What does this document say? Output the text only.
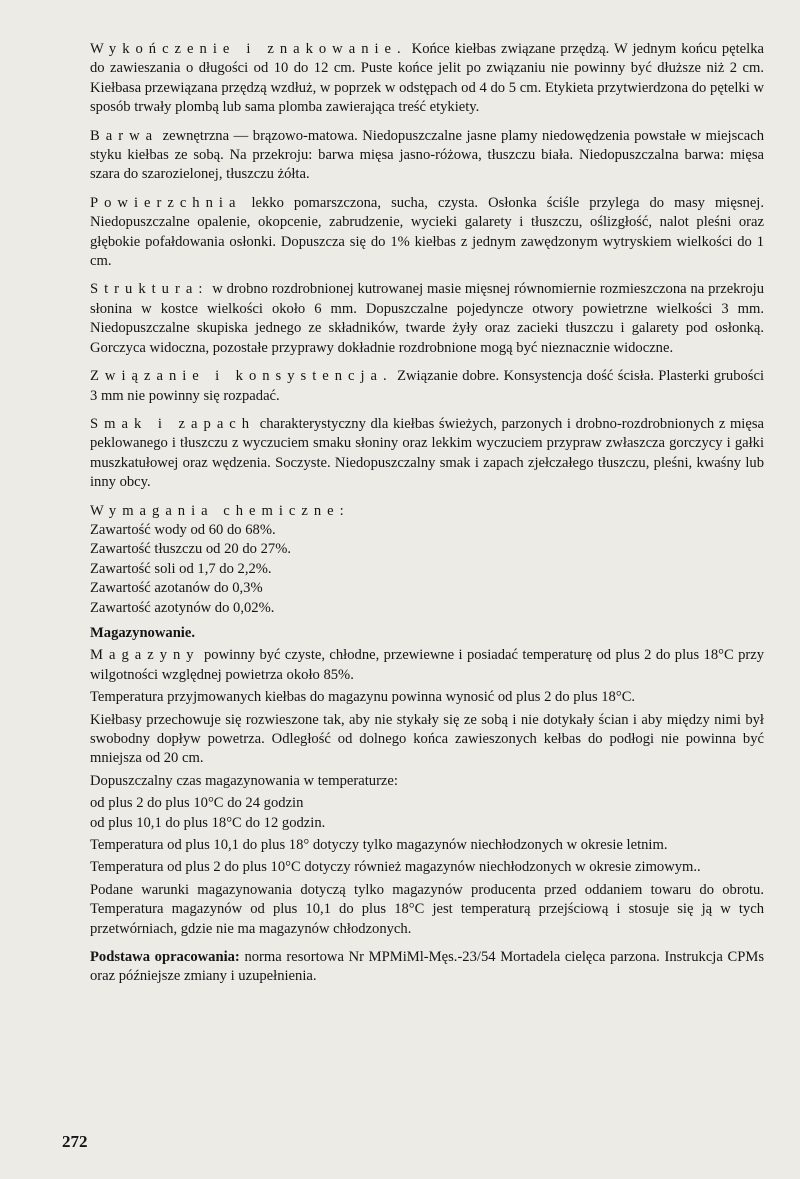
Wykończenie i znakowanie. Końce kiełbas związane przędzą. W jednym końcu pętelka do zawieszania o długości od 10 do 12 cm. Puste końce jelit po związaniu nie powinny być dłuższe niż 2 cm. Kiełbasa przewiązana przędzą wzdłuż, w poprzek w odstępach od 4 do 5 cm. Etykieta przytwierdzona do pętelki w sposób trwały plombą lub sama plomba zawierająca treść etykiety.

Barwa zewnętrzna — brązowo-matowa. Niedopuszczalne jasne plamy niedowędzenia powstałe w miejscach styku kiełbas ze sobą. Na przekroju: barwa mięsa jasno-różowa, tłuszczu biała. Niedopuszczalna barwa: mięsa szara do szarozielonej, tłuszczu żółta.

Powierzchnia lekko pomarszczona, sucha, czysta. Osłonka ściśle przylega do masy mięsnej. Niedopuszczalne opalenie, okopcenie, zabrudzenie, wycieki galarety i tłuszczu, oślizgłość, nalot pleśni oraz głębokie pofałdowania osłonki. Dopuszcza się do 1% kiełbas z jednym zawędzonym wytryskiem wielkości do 1 cm.

Struktura: w drobno rozdrobnionej kutrowanej masie mięsnej równomiernie rozmieszczona na przekroju słonina w kostce wielkości około 6 mm. Dopuszczalne pojedyncze otwory powietrzne wielkości 3 mm. Niedopuszczalne skupiska jednego ze składników, twarde żyły oraz zacieki tłuszczu i galarety pod osłonką. Gorczyca widoczna, pozostałe przyprawy dokładnie rozdrobnione mogą być nieznacznie widoczne.

Związanie i konsystencja. Związanie dobre. Konsystencja dość ścisła. Plasterki grubości 3 mm nie powinny się rozpadać.

Smak i zapach charakterystyczny dla kiełbas świeżych, parzonych i drobno-rozdrobnionych z mięsa peklowanego i tłuszczu z wyczuciem smaku słoniny oraz lekkim wyczuciem przypraw zwłaszcza gorczycy i gałki muszkatułowej oraz wędzenia. Soczyste. Niedopuszczalny smak i zapach zjełczałego tłuszczu, pleśni, kwaśny lub inny obcy.

Wymagania chemiczne:
Zawartość wody od 60 do 68%.
Zawartość tłuszczu od 20 do 27%.
Zawartość soli od 1,7 do 2,2%.
Zawartość azotanów do 0,3%
Zawartość azotynów do 0,02%.
Magazynowanie.

Magazyny powinny być czyste, chłodne, przewiewne i posiadać temperaturę od plus 2 do plus 18°C przy wilgotności względnej powietrza około 85%.

Temperatura przyjmowanych kiełbas do magazynu powinna wynosić od plus 2 do plus 18°C.

Kiełbasy przechowuje się rozwieszone tak, aby nie stykały się ze sobą i nie dotykały ścian i aby między nimi był swobodny dopływ powetrza. Odległość od dolnego końca zawieszonych kełbas do podłogi nie powinna być mniejsza od 20 cm.

Dopuszczalny czas magazynowania w temperaturze:
od plus 2 do plus 10°C do 24 godzin
od plus 10,1 do plus 18°C do 12 godzin.

Temperatura od plus 10,1 do plus 18° dotyczy tylko magazynów niechłodzonych w okresie letnim.

Temperatura od plus 2 do plus 10°C dotyczy również magazynów niechłodzonych w okresie zimowym..

Podane warunki magazynowania dotyczą tylko magazynów producenta przed oddaniem towaru do obrotu. Temperatura magazynów od plus 10,1 do plus 18°C jest temperaturą przejściową i stosuje się ją w tych przetwórniach, gdzie nie ma magazynów chłodzonych.

Podstawa opracowania: norma resortowa Nr MPMiMl-Męs.-23/54 Mortadela cielęca parzona. Instrukcja CPMs oraz późniejsze zmiany i uzupełnienia.

272
